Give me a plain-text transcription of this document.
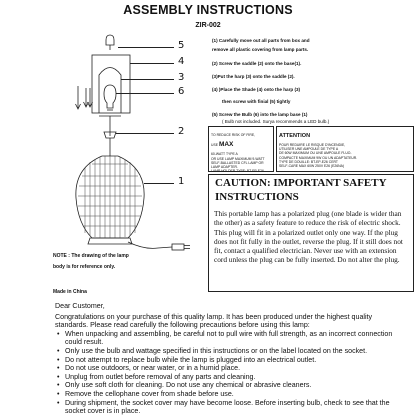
ASSEMBLY INSTRUCTIONS
ZIR-002
5
4
3
6
2
1
(1) Carefully move out all parts from box and
remove all plastic covering from lamp parts.
(2) Screw the saddle (2) onto the base(1).
(3)Put the harp (3) onto the saddle (2).
(4) )Place the Shade (4) onto the harp (3)
then screw with finial (5) tightly
(5) Screw the Bulb (6) into the lamp base (1)
( Bulb not included. Surya recommends a LED bulb.)

TO REDUCE RISK OF FIRE,

USE MAX

60-WATT TYPE A
OR USE LAMP MAXIMUM 9-WATT
SELF-BALLASTED CFL LAMP OR LAMP ADAPTER.
LAMP HOLDER TYPE: BT-EP-E26

ATTENTION

POUR REDUIRE LE RISQUE D'INCENDIE,
UTILISER UNE AMPOULE DE TYPE A
DE 60W MAXIMUM OU UNE AMPOULE FLUO-
COMPACTE MAXIMUM 9W OU UN ADAPTATEUR.
TYPE DE DOUILLE: BT-EP-E26 CERT
SELF-CARE MAX 60W 250V E26 (E26NA)

CAUTION: IMPORTANT SAFETY
INSTRUCTIONS
This portable lamp has a polarized plug (one blade is wider than the other) as a safety feature to reduce the risk of electric shock. This plug will fit in a polarized outlet only one way. If the plug does not fit fully in the outlet, reverse the plug. If it still does not fit, contact a qualified electrician. Never use with an extension cord unless the plug can be fully inserted. Do not alter the plug.
NOTE : The drawing of the lamp
body is for reference only.
Made in China

Dear Customer,

Congratulations on your purchase of this quality lamp. It has been produced under the highest quality standards. Please read carefully the following precautions before using this lamp:

• When unpacking and assembling, be careful not to pull wire with full strength, as an incorrect connection could result.
• Only use the bulb and wattage specified in this instructions or on the label located on the socket.
• Do not attempt to replace bulb while the lamp is plugged into an electrical outlet.
• Do not use outdoors, or near water, or in a humid place.
• Unplug from outlet before removal of any parts and cleaning.
• Only use soft cloth for cleaning. Do not use any chemical or abrasive cleaners.
• Remove the cellophane cover from shade before use.
• During shipment, the socket cover may have become loose. Before inserting bulb, check to see that the socket cover is in place.
